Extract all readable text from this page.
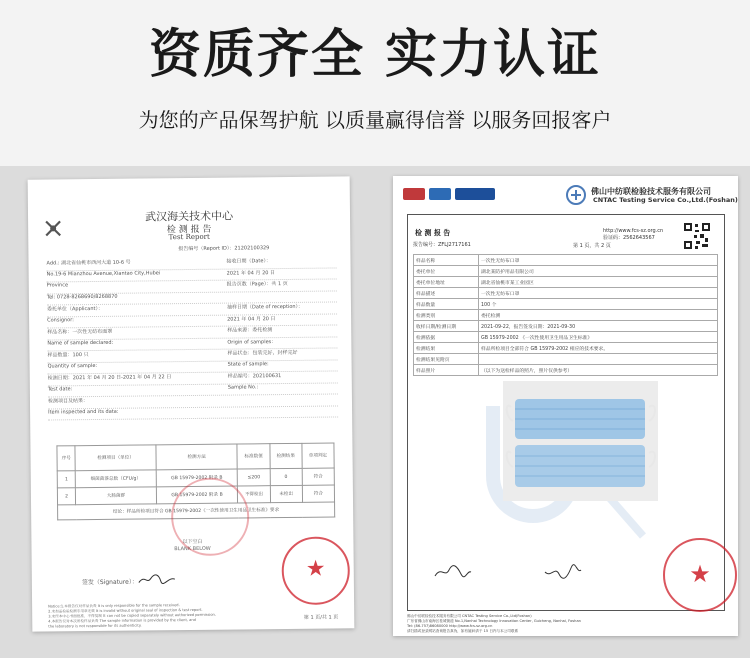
资质齐全 实力认证
为您的产品保驾护航 以质量赢得信誉 以服务回报客户
武汉海关技术中心
检 测 报 告
Test Report
报告编号（Report ID）：21202100329
Add.: 湖北省仙桃市西河大道 10-6 号	接收日期（Date）：
No.19-6 Mianzhou Avenue,Xiantao City,Hubei	2021 年 04 月 20 日
Province	报告页数（Page）：共 1 页
Tel: 0728-8268690/8268870
委托单位（Applicant）：	抽样日期（Date of reception）：
Consignor:	2021 年 04 月 20 日
样品名称：一次性无纺布面罩	样品来源：委托检测
Name of sample declared:	Origin of samples：
样品数量：100 只	样品状态：包装完好，封样完好
Quantity of sample:	State of sample:
检测日期：2021 年 04 月 20 日-2021 年 04 月 22 日	样品编号：202100631
Test date:	Sample No.:
检测项目及结果：
Item inspected and its data:
序号	检测项目（单位）	检测方法	标准数值	检测结果	单项判定
1	细菌菌落总数（CFU/g）	GB 15979-2002 附录 B	≤200	0	符合
2	大肠菌群	GB 15979-2002 附录 B	不得检出	未检出	符合
结论：样品所检项目符合 GB 15979-2002《一次性使用卫生用品卫生标准》要求					
以下空白
BLANK BELOW
签发（Signature）：
★
Notice:1.本报告仅对样品负责 It is only responsible for the sample received.
2.未加盖检验检测专用章无效 It is invalid without original seal of inspection & test report.
3.未经本中心书面批准，不得复制 It can not be copied separately without authorized permission.
4.本报告仅对本次所检样品负责 The sample information is provided by the client, and
the laboratory is not responsible for its authenticity.
第 1 页/共 1 页
佛山中纺联检验技术服务有限公司
CNTAC Testing Service Co.,Ltd.(Foshan)
检 测 报 告
报告编号：ZFLJ2717161
http://www.fcs-sz.org.cn
验证码：2562643567
第 1 页，共 2 页
样品名称	一次性无纺布口罩
委托单位	湖北某防护用品有限公司
委托单位地址	湖北省仙桃市某工业园区
样品描述	一次性无纺布口罩
样品数量	100 个
检测类别	委托检测
收样日期/检测日期	2021-09-22，报告签发日期：2021-09-30
检测依据	GB 15979-2002 《一次性使用卫生用品卫生标准》
检测结果	样品所检项目全部符合 GB 15979-2002 相应的技术要求。
检测结果见附页	
样品照片	（以下为送检样品的照片，照片仅供参考）
★
佛山中纺联检验技术服务有限公司 CNTAC Testing Service Co.,Ltd(Foshan)
广东省佛山市南海区桂城街道 No.1,Nanhai Technology Innovation Center, Guicheng, Nanhai, Foshan
Tel: (86-757)86080000 http://www.fcs-sz.org.cn
请扫描或登录网站查询报告真伪，如有疑问请于 15 日内与本公司联系
